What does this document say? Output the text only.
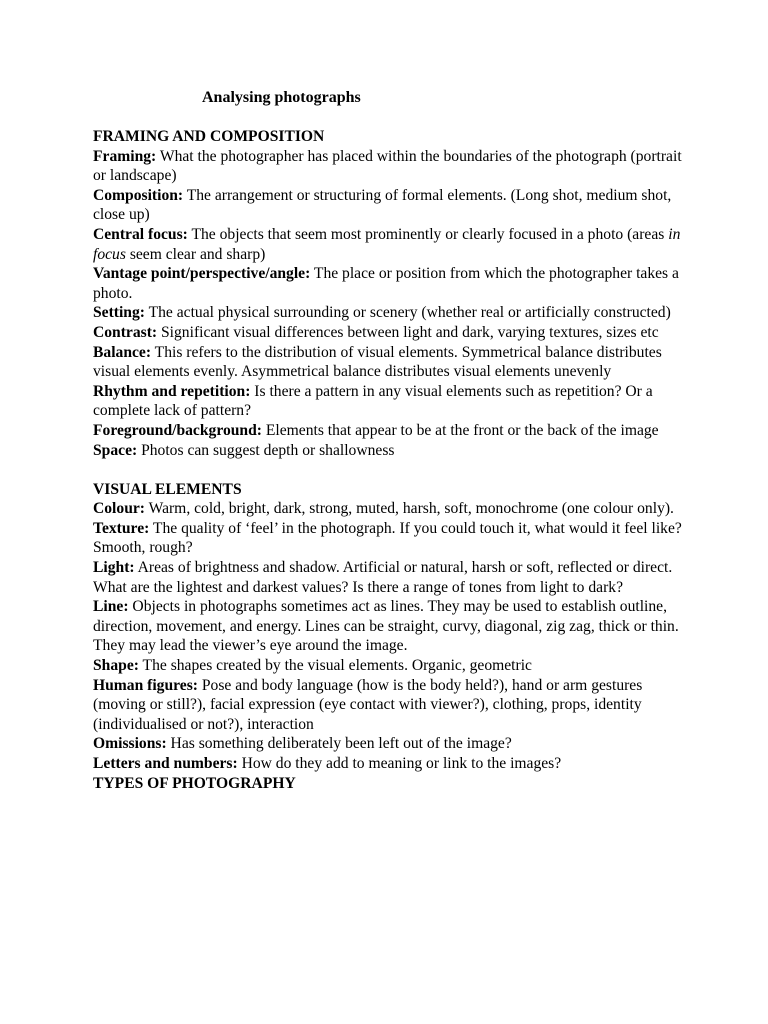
Analysing photographs

FRAMING AND COMPOSITION

Framing: What the photographer has placed within the boundaries of the photograph (portrait or landscape)

Composition: The arrangement or structuring of formal elements. (Long shot, medium shot, close up)

Central focus: The objects that seem most prominently or clearly focused in a photo (areas in focus seem clear and sharp)

Vantage point/perspective/angle: The place or position from which the photographer takes a photo.

Setting: The actual physical surrounding or scenery (whether real or artificially constructed)

Contrast: Significant visual differences between light and dark, varying textures, sizes etc

Balance: This refers to the distribution of visual elements. Symmetrical balance distributes visual elements evenly. Asymmetrical balance distributes visual elements unevenly

Rhythm and repetition: Is there a pattern in any visual elements such as repetition? Or a complete lack of pattern?

Foreground/background: Elements that appear to be at the front or the back of the image

Space: Photos can suggest depth or shallowness

VISUAL ELEMENTS

Colour: Warm, cold, bright, dark, strong, muted, harsh, soft, monochrome (one colour only).

Texture: The quality of ‘feel’ in the photograph. If you could touch it, what would it feel like? Smooth, rough?

Light: Areas of brightness and shadow. Artificial or natural, harsh or soft, reflected or direct. What are the lightest and darkest values? Is there a range of tones from light to dark?

Line: Objects in photographs sometimes act as lines. They may be used to establish outline, direction, movement, and energy. Lines can be straight, curvy, diagonal, zig zag, thick or thin. They may lead the viewer’s eye around the image.

Shape: The shapes created by the visual elements. Organic, geometric

Human figures: Pose and body language (how is the body held?), hand or arm gestures (moving or still?), facial expression (eye contact with viewer?), clothing, props, identity (individualised or not?), interaction

Omissions: Has something deliberately been left out of the image?

Letters and numbers: How do they add to meaning or link to the images?

TYPES OF PHOTOGRAPHY
